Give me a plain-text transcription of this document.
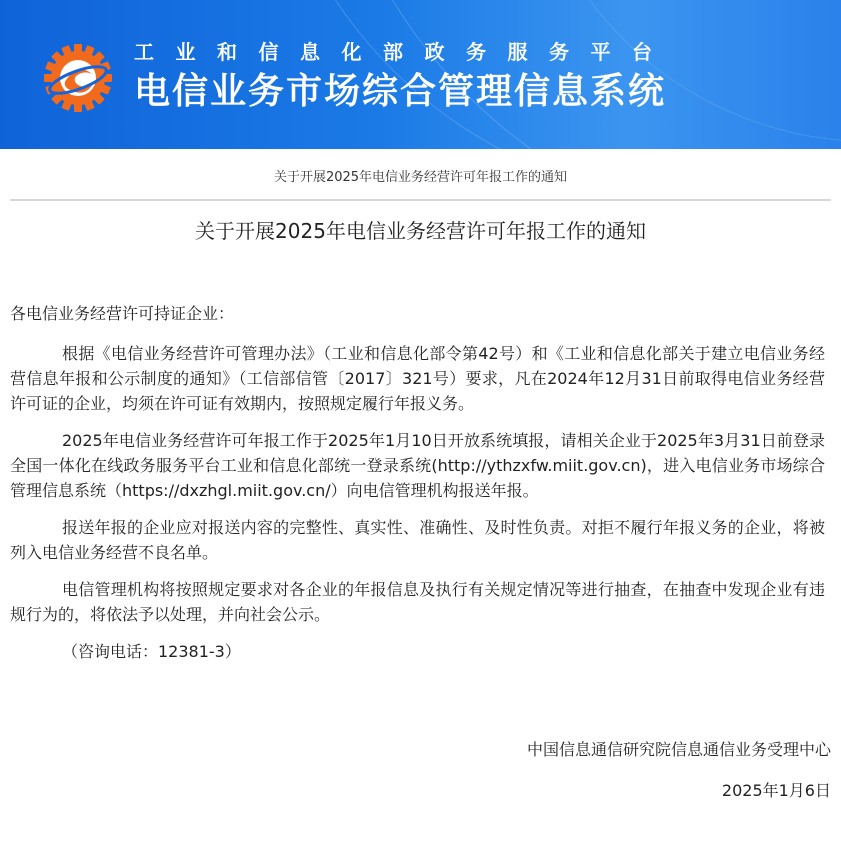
工业和信息化部政务服务平台
电信业务市场综合管理信息系统
关于开展2025年电信业务经营许可年报工作的通知
关于开展2025年电信业务经营许可年报工作的通知

各电信业务经营许可持证企业：

根据《电信业务经营许可管理办法》（工业和信息化部令第42号）和《工业和信息化部关于建立电信业务经营信息年报和公示制度的通知》（工信部信管〔2017〕321号）要求，凡在2024年12月31日前取得电信业务经营许可证的企业，均须在许可证有效期内，按照规定履行年报义务。

2025年电信业务经营许可年报工作于2025年1月10日开放系统填报，请相关企业于2025年3月31日前登录全国一体化在线政务服务平台工业和信息化部统一登录系统(http://ythzxfw.miit.gov.cn)，进入电信业务市场综合管理信息系统（https://dxzhgl.miit.gov.cn/）向电信管理机构报送年报。

报送年报的企业应对报送内容的完整性、真实性、准确性、及时性负责。对拒不履行年报义务的企业，将被列入电信业务经营不良名单。

电信管理机构将按照规定要求对各企业的年报信息及执行有关规定情况等进行抽查，在抽查中发现企业有违规行为的，将依法予以处理，并向社会公示。

（咨询电话：12381-3）

中国信息通信研究院信息通信业务受理中心
2025年1月6日
